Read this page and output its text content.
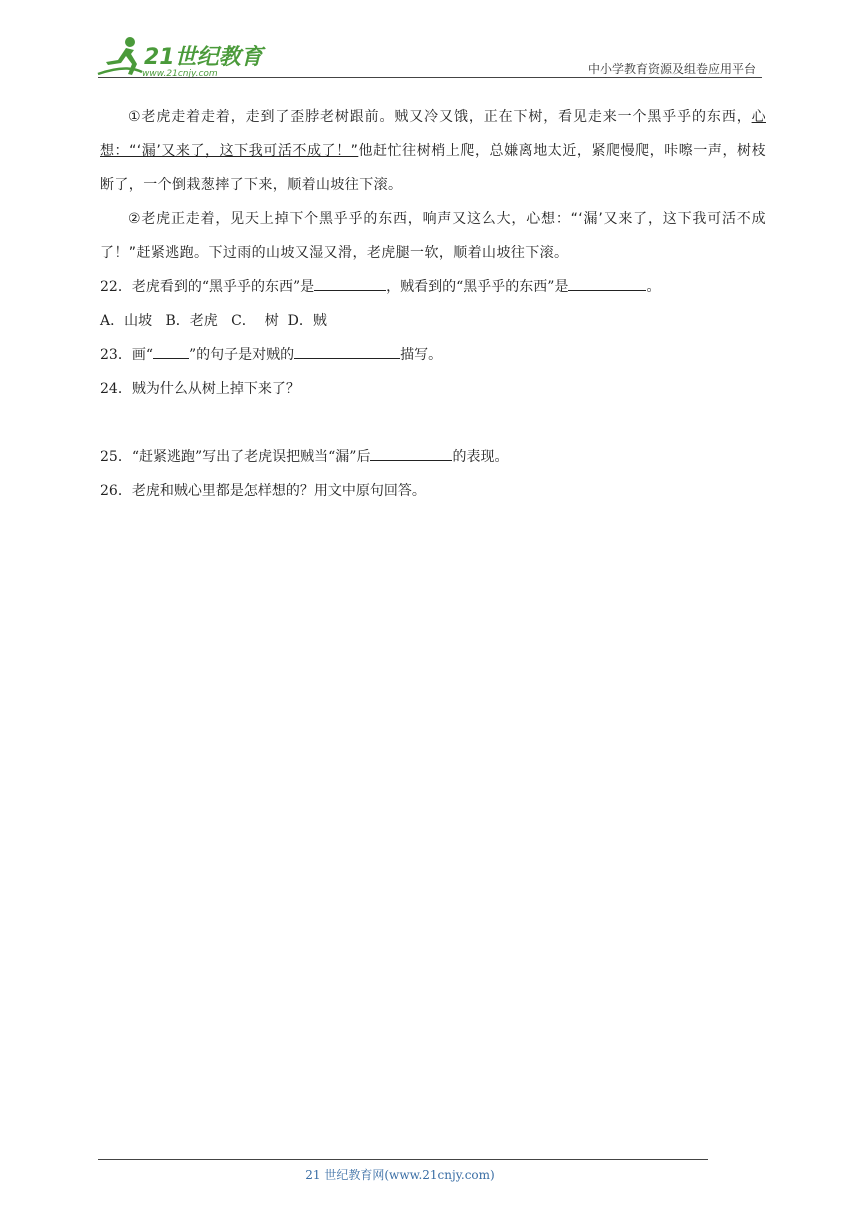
21世纪教育
www.21cnjy.com	中小学教育资源及组卷应用平台

①老虎走着走着，走到了歪脖老树跟前。贼又冷又饿，正在下树，看见走来一个黑乎乎的东西，心想：“‘漏’又来了，这下我可活不成了！”他赶忙往树梢上爬，总嫌离地太近，紧爬慢爬，咔嚓一声，树枝断了，一个倒栽葱摔了下来，顺着山坡往下滚。

②老虎正走着，见天上掉下个黑乎乎的东西，响声又这么大，心想：“‘漏’又来了，这下我可活不成了！”赶紧逃跑。下过雨的山坡又湿又滑，老虎腿一软，顺着山坡往下滚。

22．老虎看到的“黑乎乎的东西”是	，贼看到的“黑乎乎的东西”是	。

A．山坡   B．老虎   C．  树  D．贼

23．画“	”的句子是对贼的	描写。

24．贼为什么从树上掉下来了？

25．“赶紧逃跑”写出了老虎误把贼当“漏”后	的表现。

26．老虎和贼心里都是怎样想的？用文中原句回答。

21 世纪教育网(www.21cnjy.com)
